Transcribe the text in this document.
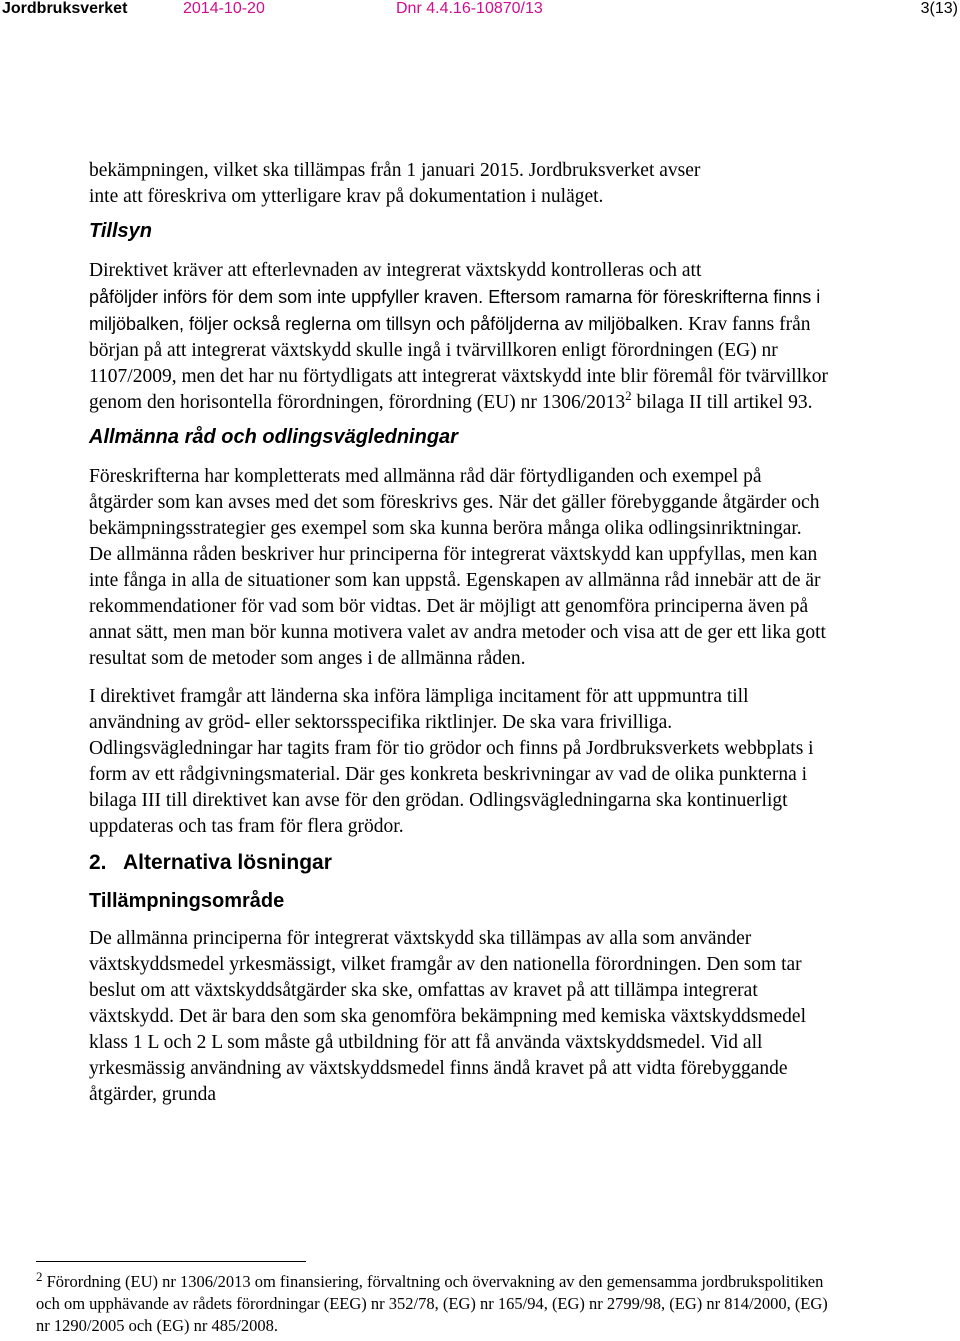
Jordbruksverket	2014-10-20	Dnr 4.4.16-10870/13	3(13)

bekämpningen, vilket ska tillämpas från 1 januari 2015. Jordbruksverket avser
inte att föreskriva om ytterligare krav på dokumentation i nuläget.

Tillsyn

Direktivet kräver att efterlevnaden av integrerat växtskydd kontrolleras och att
påföljder införs för dem som inte uppfyller kraven. Eftersom ramarna för föreskrifterna finns i miljöbalken, följer också reglerna om tillsyn och påföljderna av miljöbalken. Krav fanns från början på att integrerat växtskydd skulle ingå i tvärvillkoren enligt förordningen (EG) nr 1107/2009, men det har nu förtydligats att integrerat växtskydd inte blir föremål för tvärvillkor genom den horisontella förordningen, förordning (EU) nr 1306/2013$^2$ bilaga II till artikel 93.

Allmänna råd och odlingsvägledningar

Föreskrifterna har kompletterats med allmänna råd där förtydliganden och exempel på åtgärder som kan avses med det som föreskrivs ges. När det gäller förebyggande åtgärder och bekämpningsstrategier ges exempel som ska kunna beröra många olika odlingsinriktningar. De allmänna råden beskriver hur principerna för integrerat växtskydd kan uppfyllas, men kan inte fånga in alla de situationer som kan uppstå. Egenskapen av allmänna råd innebär att de är rekommendationer för vad som bör vidtas. Det är möjligt att genomföra principerna även på annat sätt, men man bör kunna motivera valet av andra metoder och visa att de ger ett lika gott resultat som de metoder som anges i de allmänna råden.

I direktivet framgår att länderna ska införa lämpliga incitament för att uppmuntra till användning av gröd- eller sektorsspecifika riktlinjer. De ska vara frivilliga. Odlingsvägledningar har tagits fram för tio grödor och finns på Jordbruksverkets webbplats i form av ett rådgivningsmaterial. Där ges konkreta beskrivningar av vad de olika punkterna i bilaga III till direktivet kan avse för den grödan. Odlingsvägledningarna ska kontinuerligt uppdateras och tas fram för flera grödor.

2. Alternativa lösningar
Tillämpningsområde

De allmänna principerna för integrerat växtskydd ska tillämpas av alla som använder växtskyddsmedel yrkesmässigt, vilket framgår av den nationella förordningen. Den som tar beslut om att växtskyddsåtgärder ska ske, omfattas av kravet på att tillämpa integrerat växtskydd. Det är bara den som ska genomföra bekämpning med kemiska växtskyddsmedel klass 1 L och 2 L som måste gå utbildning för att få använda växtskyddsmedel. Vid all yrkesmässig användning av växtskyddsmedel finns ändå kravet på att vidta förebyggande åtgärder, grunda

$^2$ Förordning (EU) nr 1306/2013 om finansiering, förvaltning och övervakning av den gemensamma jordbrukspolitiken och om upphävande av rådets förordningar (EEG) nr 352/78, (EG) nr 165/94, (EG) nr 2799/98, (EG) nr 814/2000, (EG) nr 1290/2005 och (EG) nr 485/2008.
